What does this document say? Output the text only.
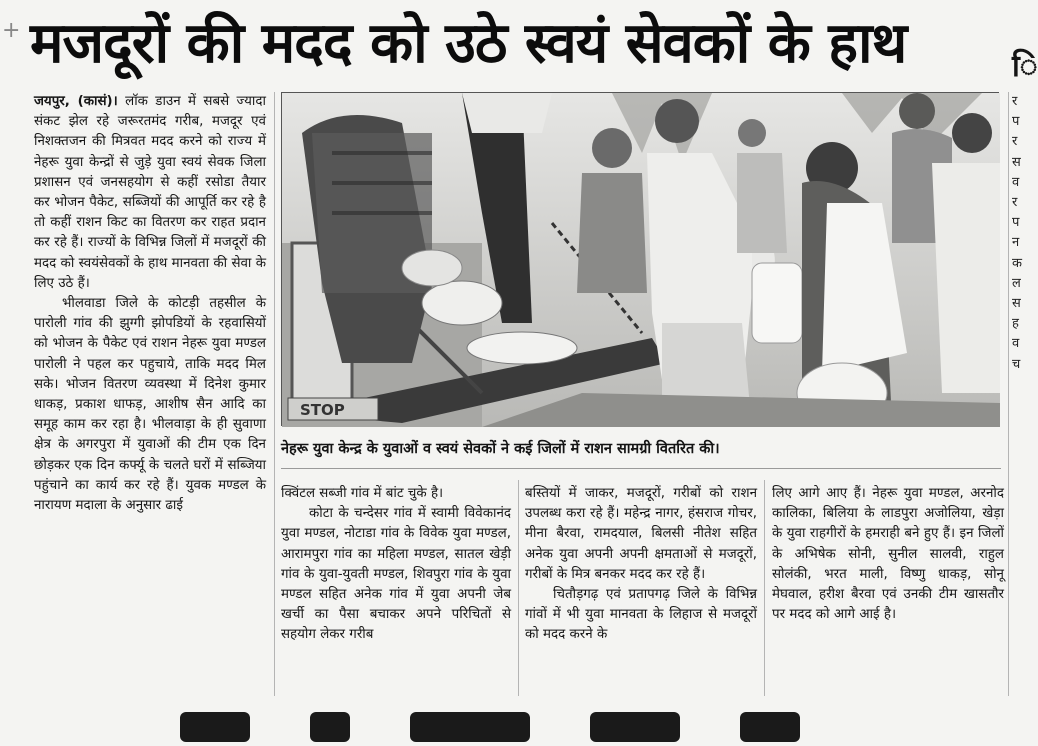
+ मजदूरों की मदद को उठे स्वयं सेवकों के हाथ	ि

जयपुर, (कासं)। लॉक डाउन में सबसे ज्यादा संकट झेल रहे जरूरतमंद गरीब, मजदूर एवं निशक्तजन की मित्रवत मदद करने को राज्य में नेहरू युवा केन्द्रों से जुड़े युवा स्वयं सेवक जिला प्रशासन एवं जनसहयोग से कहीं रसोडा तैयार कर भोजन पैकेट, सब्जियों की आपूर्ति कर रहे है तो कहीं राशन किट का वितरण कर राहत प्रदान कर रहे हैं। राज्यों के विभिन्न जिलों में मजदूरों की मदद को स्वयंसेवकों के हाथ मानवता की सेवा के लिए उठे हैं।

भीलवाडा जिले के कोटड़ी तहसील के पारोली गांव की झुग्गी झोपडियों के रहवासियों को भोजन के पैकेट एवं राशन नेहरू युवा मण्डल पारोली ने पहल कर पहुचाये, ताकि मदद मिल सके। भोजन वितरण व्यवस्था में दिनेश कुमार धाकड़, प्रकाश धाफड़, आशीष सैन आदि का समूह काम कर रहा है। भीलवाड़ा के ही सुवाणा क्षेत्र के अगरपुरा में युवाओं की टीम एक दिन छोड़कर एक दिन कर्फ्यू के चलते घरों में सब्जिया पहुंचाने का कार्य कर रहे हैं। युवक मण्डल के नारायण मदाला के अनुसार ढाई

STOP
नेहरू युवा केन्द्र के युवाओं व स्वयं सेवकों ने कई जिलों में राशन सामग्री वितरित की।

क्विंटल सब्जी गांव में बांट चुके है।

कोटा के चन्देसर गांव में स्वामी विवेकानंद युवा मण्डल, नोटाडा गांव के विवेक युवा मण्डल, आरामपुरा गांव का महिला मण्डल, सातल खेड़ी गांव के युवा-युवती मण्डल, शिवपुरा गांव के युवा मण्डल सहित अनेक गांव में युवा अपनी जेब खर्ची का पैसा बचाकर अपने परिचितों से सहयोग लेकर गरीब

बस्तियों में जाकर, मजदूरों, गरीबों को राशन उपलब्ध करा रहे हैं। महेन्द्र नागर, हंसराज गोचर, मीना बैरवा, रामदयाल, बिलसी नीतेश सहित अनेक युवा अपनी अपनी क्षमताओं से मजदूरों, गरीबों के मित्र बनकर मदद कर रहे हैं।

चितौड़गढ़ एवं प्रतापगढ़ जिले के विभिन्न गांवों में भी युवा मानवता के लिहाज से मजदूरों को मदद करने के

लिए आगे आए हैं। नेहरू युवा मण्डल, अरनोद कालिका, बिलिया के लाडपुरा अजोलिया, खेड़ा के युवा राहगीरों के हमराही बने हुए हैं। इन जिलों के अभिषेक सोनी, सुनील सालवी, राहुल सोलंकी, भरत माली, विष्णु धाकड़, सोनू मेघवाल, हरीश बैरवा एवं उनकी टीम खासतौर पर मदद को आगे आई है।

र प र स व र प न क ल स ह व च
